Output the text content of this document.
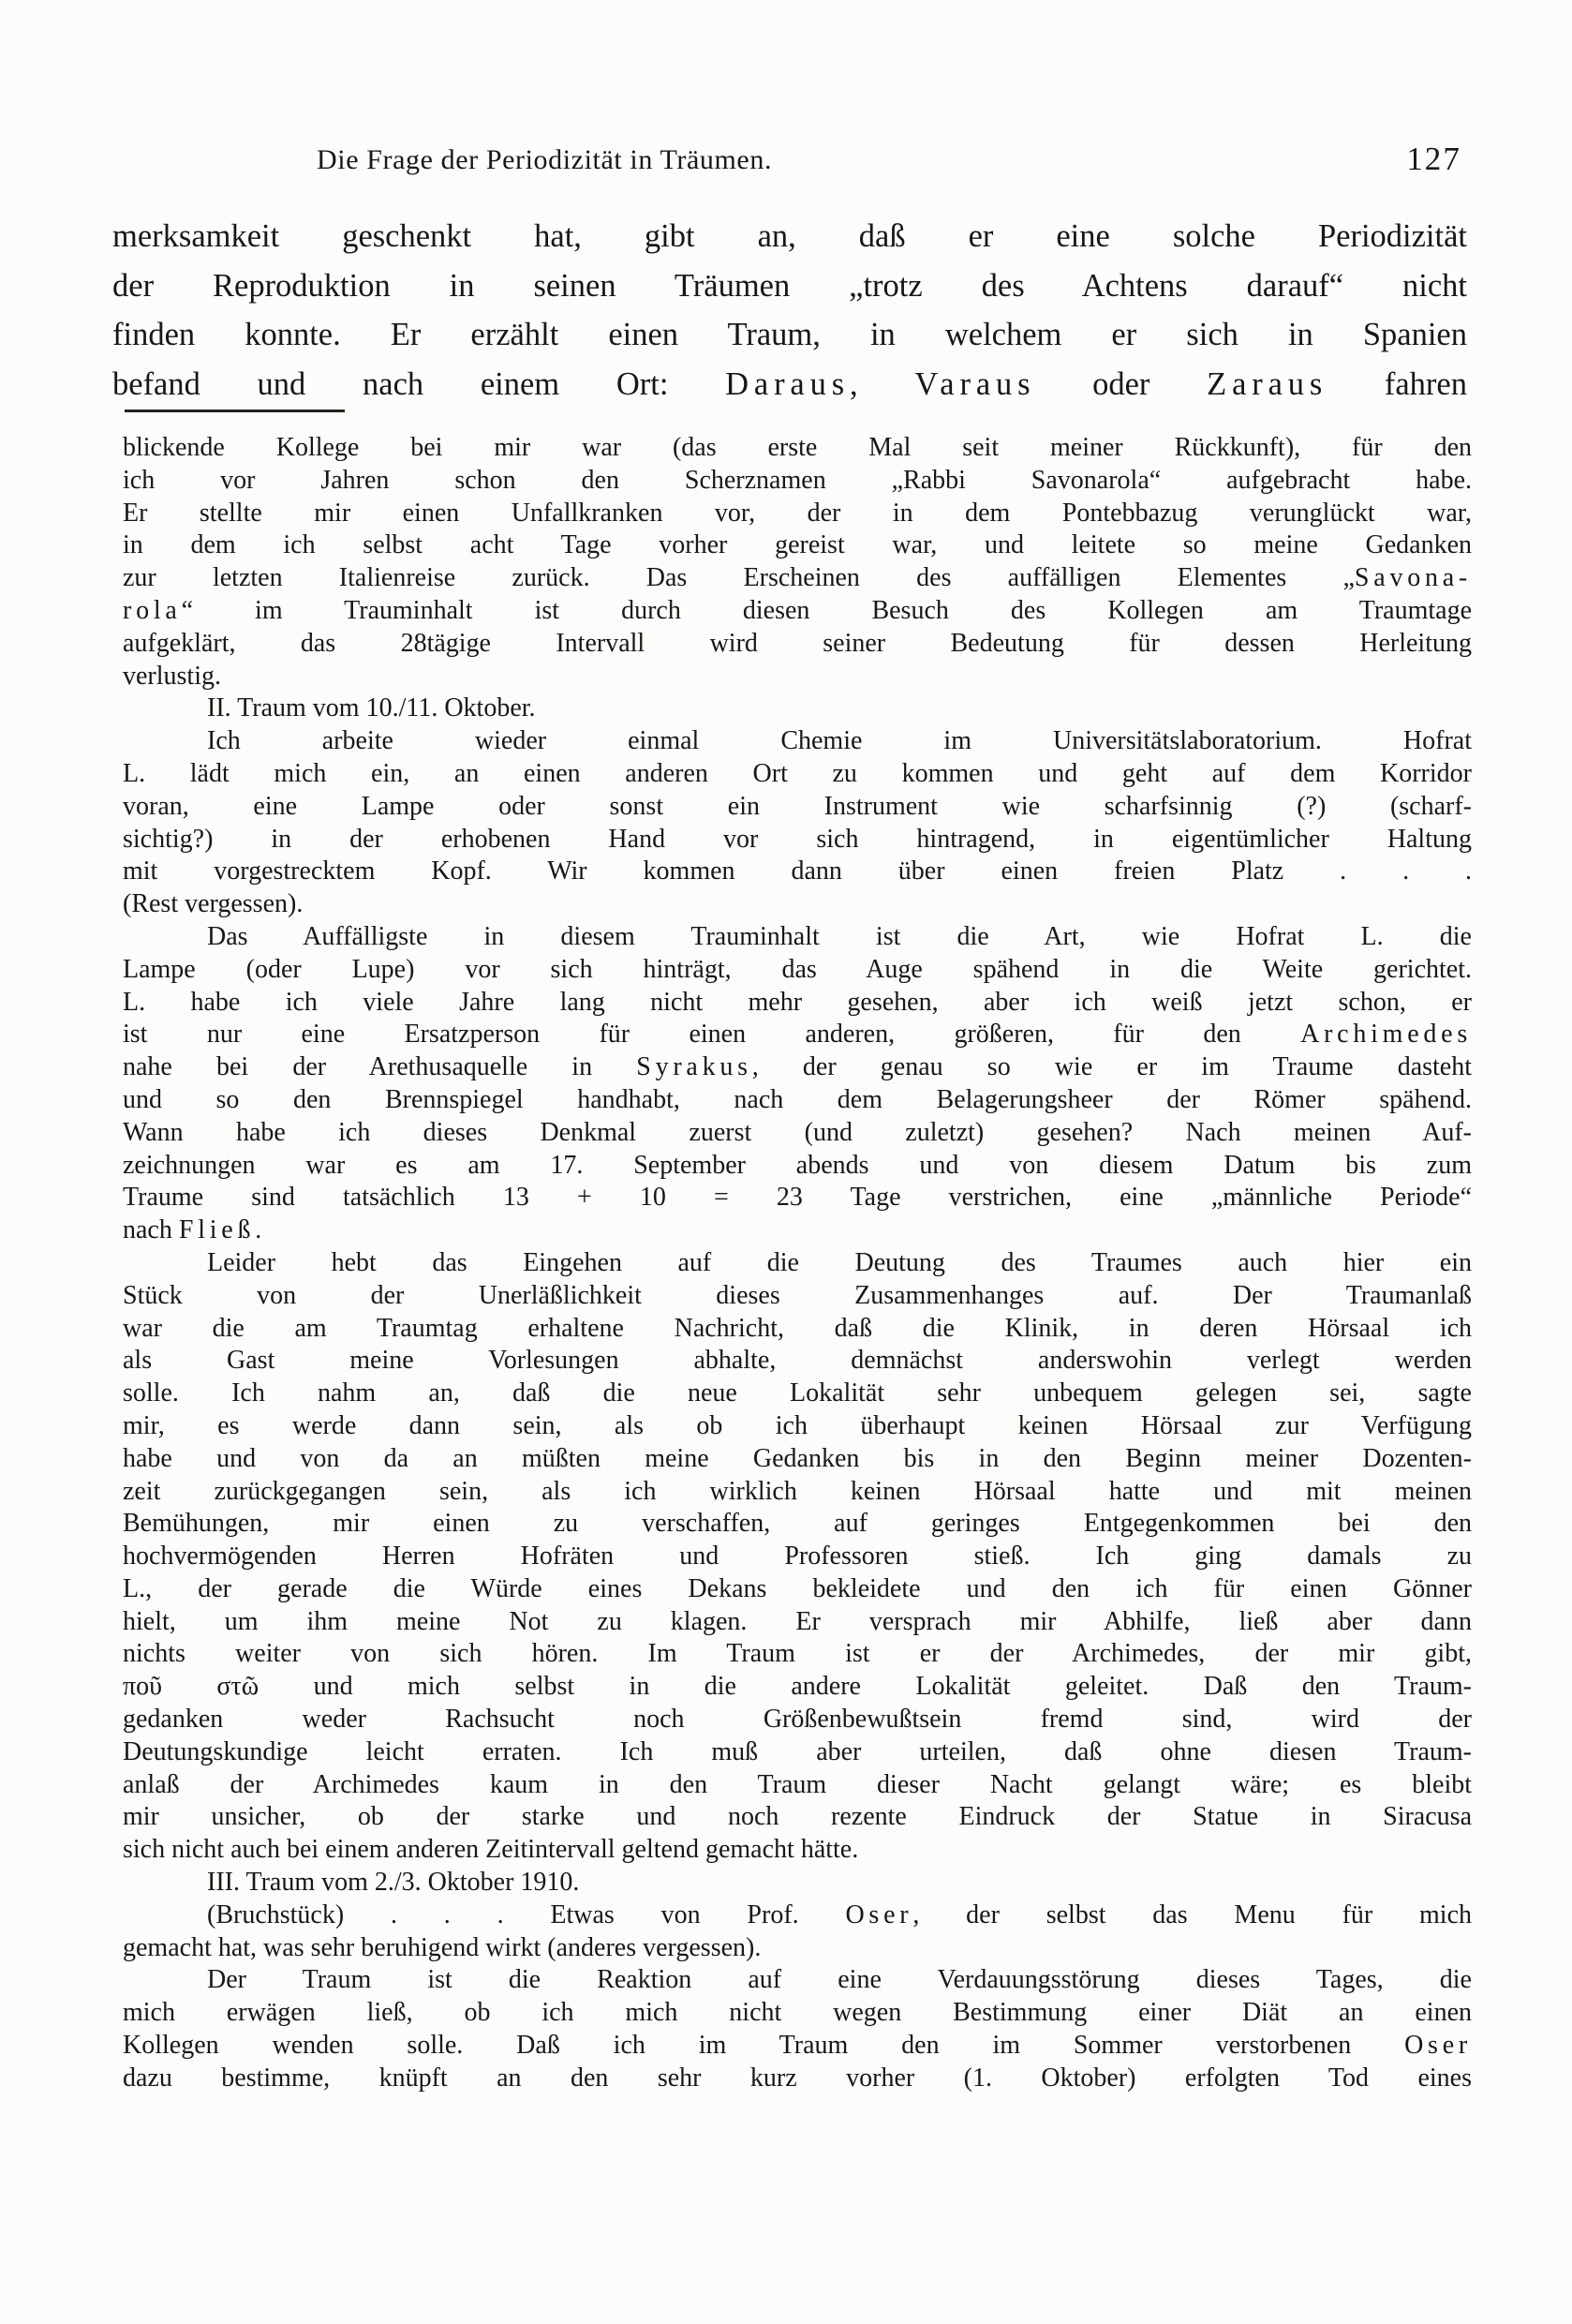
Die Frage der Periodizität in Träumen.	127
merksamkeit geschenkt hat, gibt an, daß er eine solche Periodizität
der Reproduktion in seinen Träumen „trotz des Achtens darauf“ nicht
finden konnte. Er erzählt einen Traum, in welchem er sich in Spanien
befand und nach einem Ort: Daraus, Varaus oder Zaraus fahren
blickende Kollege bei mir war (das erste Mal seit meiner Rückkunft), für den
ich vor Jahren schon den Scherznamen „Rabbi Savonarola“ aufgebracht habe.
Er stellte mir einen Unfallkranken vor, der in dem Pontebbazug verunglückt war,
in dem ich selbst acht Tage vorher gereist war, und leitete so meine Gedanken
zur letzten Italienreise zurück. Das Erscheinen des auffälligen Elementes „Savona-
rola“ im Trauminhalt ist durch diesen Besuch des Kollegen am Traumtage
aufgeklärt, das 28tägige Intervall wird seiner Bedeutung für dessen Herleitung
verlustig.
II. Traum vom 10./11. Oktober.
Ich arbeite wieder einmal Chemie im Universitätslaboratorium. Hofrat
L. lädt mich ein, an einen anderen Ort zu kommen und geht auf dem Korridor
voran, eine Lampe oder sonst ein Instrument wie scharfsinnig (?) (scharf-
sichtig?) in der erhobenen Hand vor sich hintragend, in eigentümlicher Haltung
mit vorgestrecktem Kopf. Wir kommen dann über einen freien Platz . . .
(Rest vergessen).
Das Auffälligste in diesem Trauminhalt ist die Art, wie Hofrat L. die
Lampe (oder Lupe) vor sich hinträgt, das Auge spähend in die Weite gerichtet.
L. habe ich viele Jahre lang nicht mehr gesehen, aber ich weiß jetzt schon, er
ist nur eine Ersatzperson für einen anderen, größeren, für den Archimedes
nahe bei der Arethusaquelle in Syrakus, der genau so wie er im Traume dasteht
und so den Brennspiegel handhabt, nach dem Belagerungsheer der Römer spähend.
Wann habe ich dieses Denkmal zuerst (und zuletzt) gesehen? Nach meinen Auf-
zeichnungen war es am 17. September abends und von diesem Datum bis zum
Traume sind tatsächlich 13 + 10 = 23 Tage verstrichen, eine „männliche Periode“
nach Fließ.
Leider hebt das Eingehen auf die Deutung des Traumes auch hier ein
Stück von der Unerläßlichkeit dieses Zusammenhanges auf. Der Traumanlaß
war die am Traumtag erhaltene Nachricht, daß die Klinik, in deren Hörsaal ich
als Gast meine Vorlesungen abhalte, demnächst anderswohin verlegt werden
solle. Ich nahm an, daß die neue Lokalität sehr unbequem gelegen sei, sagte
mir, es werde dann sein, als ob ich überhaupt keinen Hörsaal zur Verfügung
habe und von da an müßten meine Gedanken bis in den Beginn meiner Dozenten-
zeit zurückgegangen sein, als ich wirklich keinen Hörsaal hatte und mit meinen
Bemühungen, mir einen zu verschaffen, auf geringes Entgegenkommen bei den
hochvermögenden Herren Hofräten und Professoren stieß. Ich ging damals zu
L., der gerade die Würde eines Dekans bekleidete und den ich für einen Gönner
hielt, um ihm meine Not zu klagen. Er versprach mir Abhilfe, ließ aber dann
nichts weiter von sich hören. Im Traum ist er der Archimedes, der mir gibt,
ποῦ στῶ und mich selbst in die andere Lokalität geleitet. Daß den Traum-
gedanken weder Rachsucht noch Größenbewußtsein fremd sind, wird der
Deutungskundige leicht erraten. Ich muß aber urteilen, daß ohne diesen Traum-
anlaß der Archimedes kaum in den Traum dieser Nacht gelangt wäre; es bleibt
mir unsicher, ob der starke und noch rezente Eindruck der Statue in Siracusa
sich nicht auch bei einem anderen Zeitintervall geltend gemacht hätte.
III. Traum vom 2./3. Oktober 1910.
(Bruchstück) . . . Etwas von Prof. Oser, der selbst das Menu für mich
gemacht hat, was sehr beruhigend wirkt (anderes vergessen).
Der Traum ist die Reaktion auf eine Verdauungsstörung dieses Tages, die
mich erwägen ließ, ob ich mich nicht wegen Bestimmung einer Diät an einen
Kollegen wenden solle. Daß ich im Traum den im Sommer verstorbenen Oser
dazu bestimme, knüpft an den sehr kurz vorher (1. Oktober) erfolgten Tod eines
